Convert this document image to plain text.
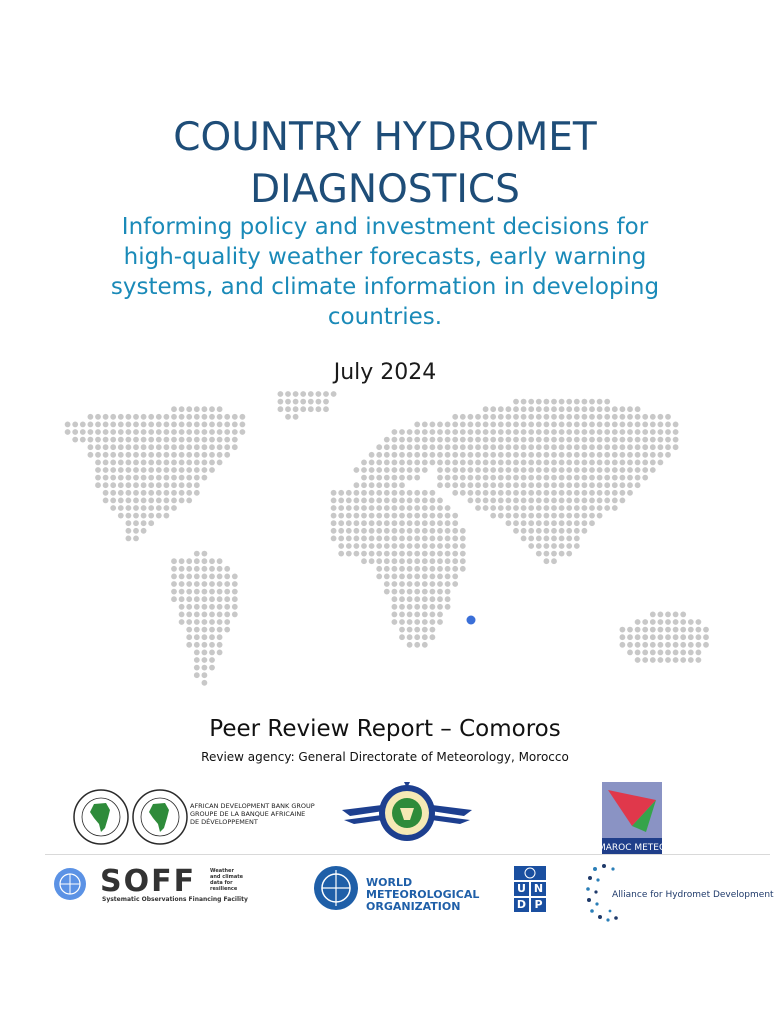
COUNTRY HYDROMET
DIAGNOSTICS
Informing policy and investment decisions for
high-quality weather forecasts, early warning
systems, and climate information in developing
countries.
July 2024
Peer Review Report – Comoros
Review agency: General Directorate of Meteorology, Morocco
AFRICAN DEVELOPMENT BANK GROUP
GROUPE DE LA BANQUE AFRICAINE
DE DÉVELOPPEMENT
MAROC METEO
SOFF
Systematic Observations Financing Facility
Weather
and climate
data for
resilience	WORLD
METEOROLOGICAL
ORGANIZATION
U N
D P
Alliance for Hydromet Development
